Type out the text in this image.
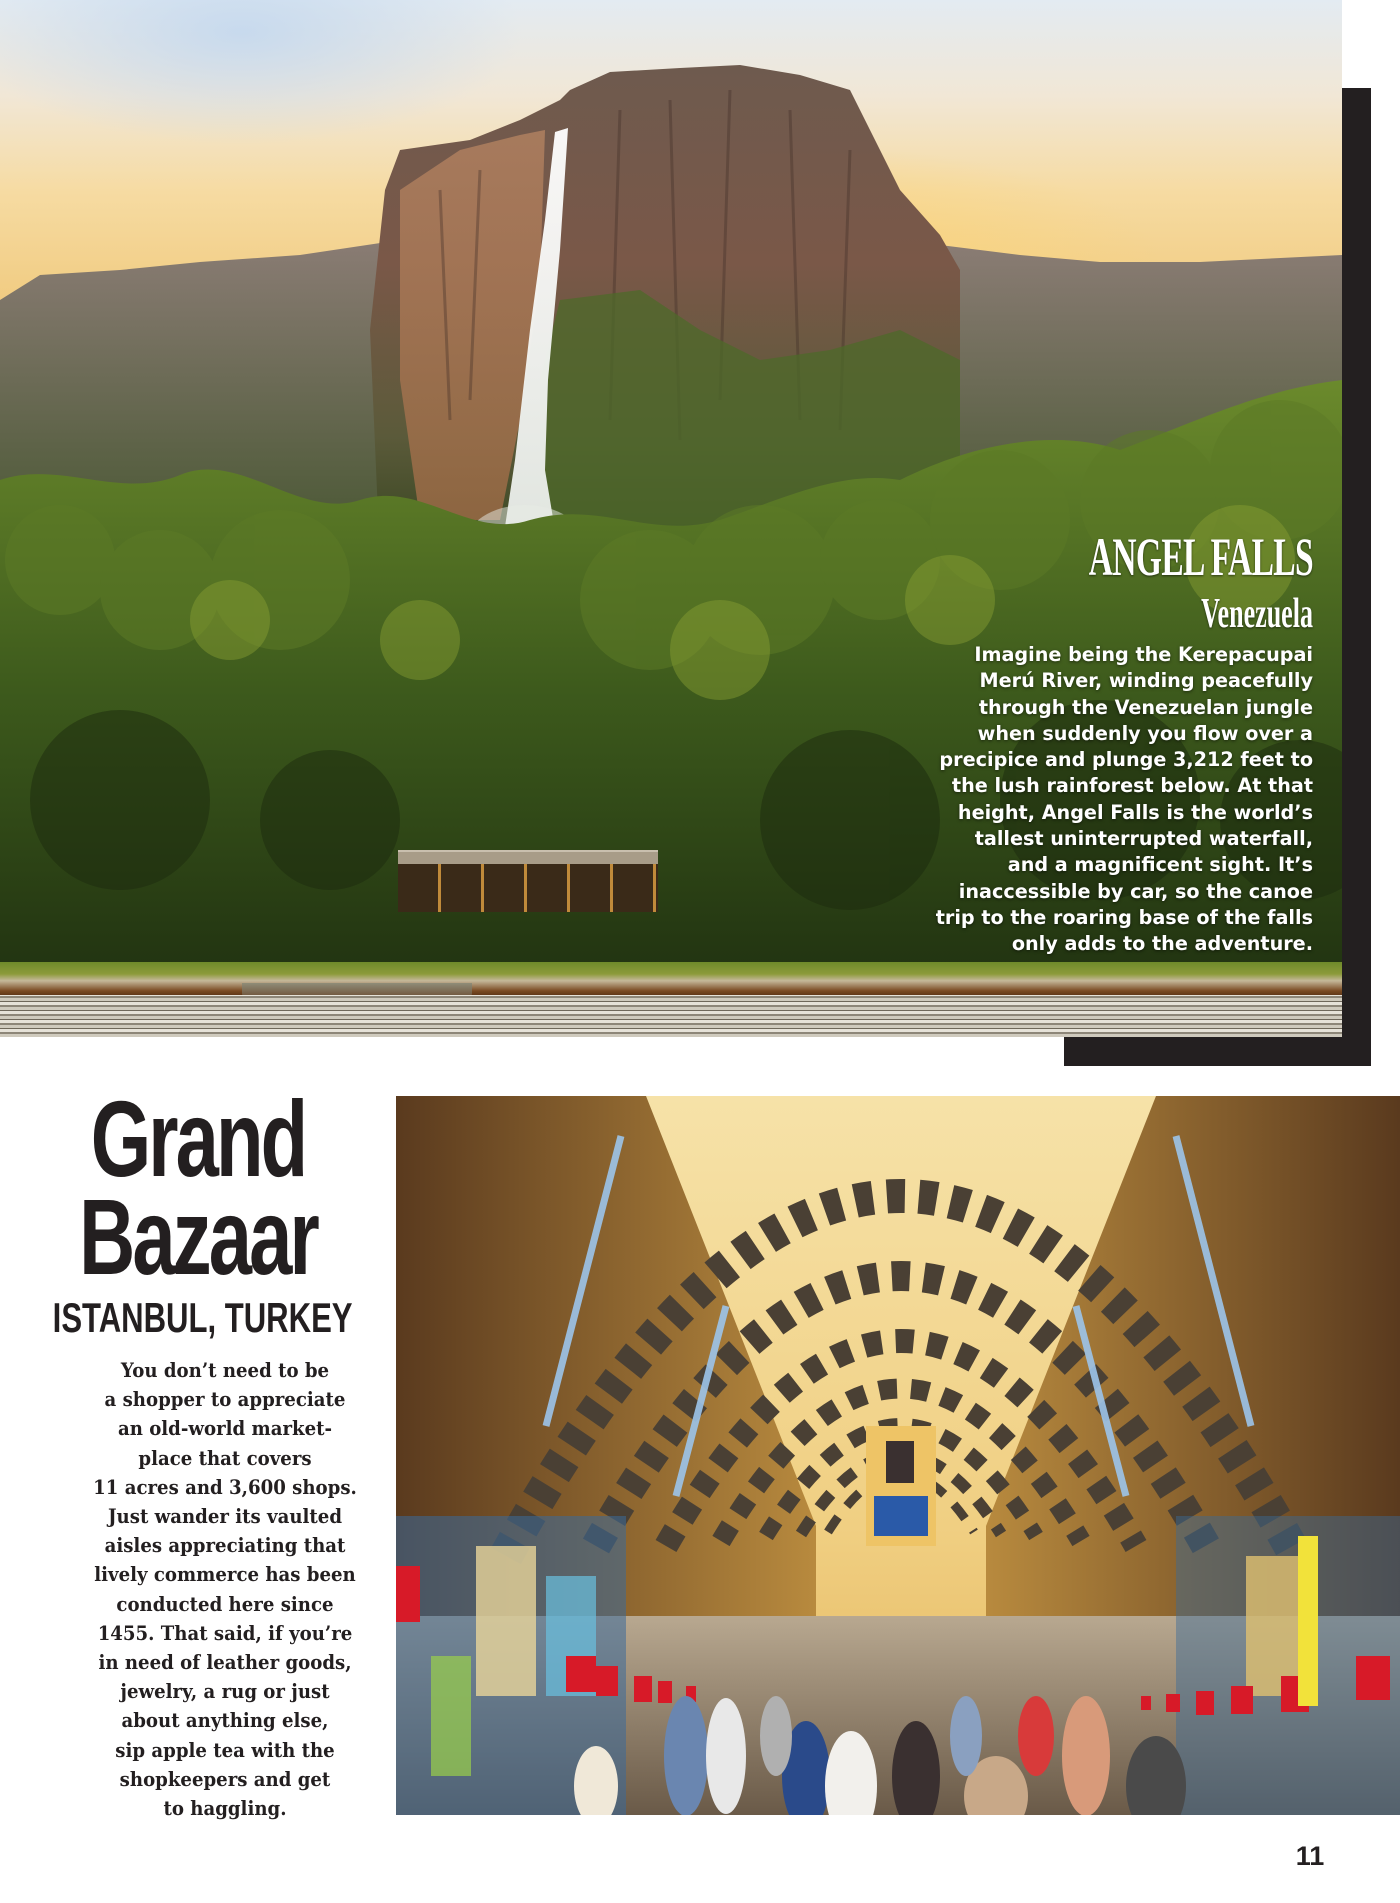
ANGEL FALLS
Venezuela
Imagine being the Kerepacupai
Merú River, winding peacefully
through the Venezuelan jungle
when suddenly you flow over a
precipice and plunge 3,212 feet to
the lush rainforest below. At that
height, Angel Falls is the world’s
tallest uninterrupted waterfall,
and a magnificent sight. It’s
inaccessible by car, so the canoe
trip to the roaring base of the falls
only adds to the adventure.
Grand
Bazaar
ISTANBUL, TURKEY
You don’t need to be
a shopper to appreciate
an old-world market-
place that covers
11 acres and 3,600 shops.
Just wander its vaulted
aisles appreciating that
lively commerce has been
conducted here since
1455. That said, if you’re
in need of leather goods,
jewelry, a rug or just
about anything else,
sip apple tea with the
shopkeepers and get
to haggling.
11
